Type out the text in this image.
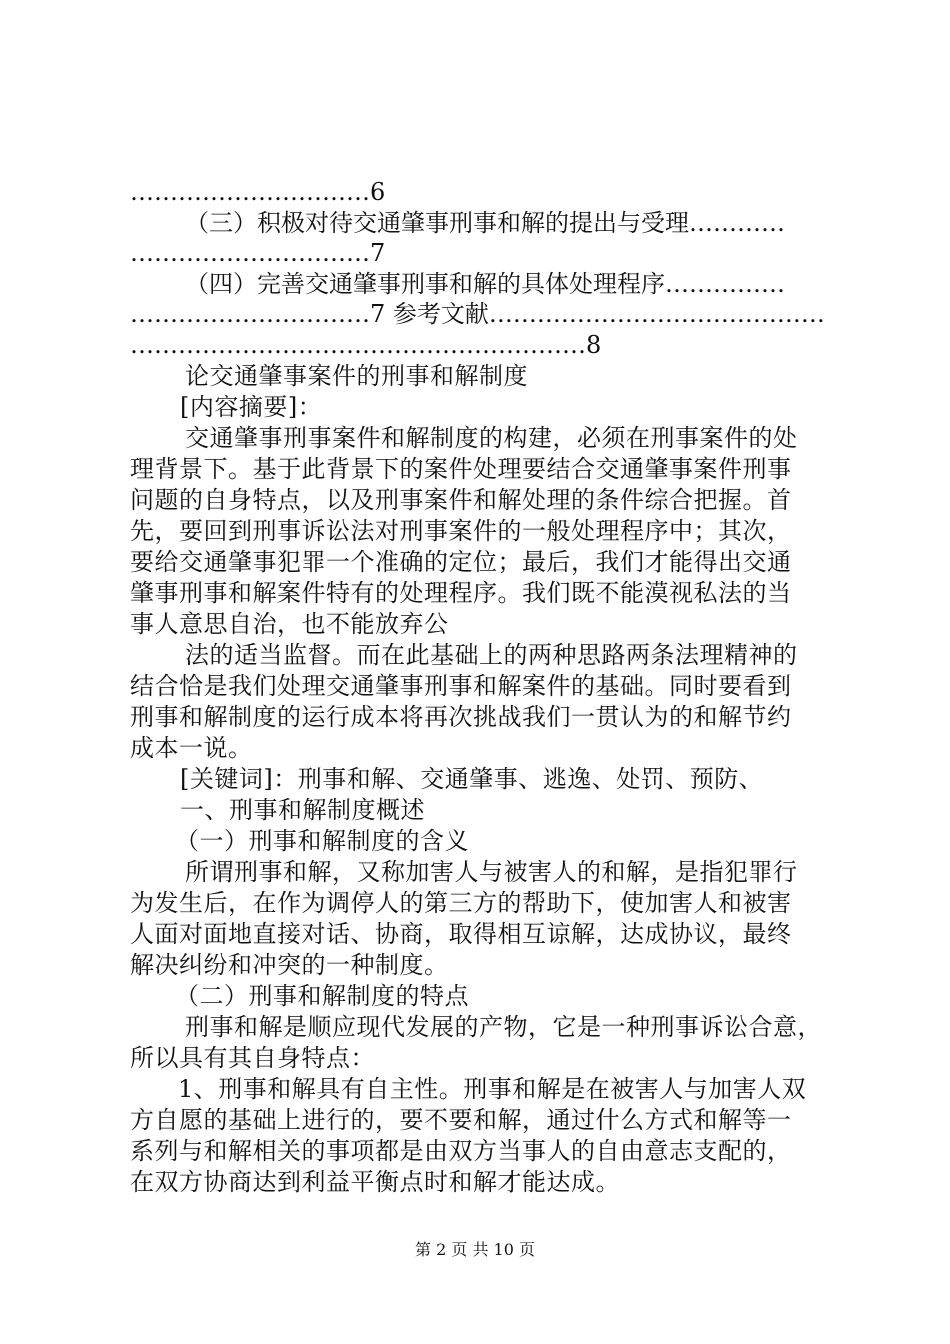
…………………………6
（三）积极对待交通肇事刑事和解的提出与受理…………
…………………………7
（四）完善交通肇事刑事和解的具体处理程序……………
…………………………7 参考文献……………………………………
…………………………………………………8
论交通肇事案件的刑事和解制度
[内容摘要]：
交通肇事刑事案件和解制度的构建，必须在刑事案件的处
理背景下。基于此背景下的案件处理要结合交通肇事案件刑事
问题的自身特点，以及刑事案件和解处理的条件综合把握。首
先，要回到刑事诉讼法对刑事案件的一般处理程序中；其次，
要给交通肇事犯罪一个准确的定位；最后，我们才能得出交通
肇事刑事和解案件特有的处理程序。我们既不能漠视私法的当
事人意思自治，也不能放弃公
法的适当监督。而在此基础上的两种思路两条法理精神的
结合恰是我们处理交通肇事刑事和解案件的基础。同时要看到
刑事和解制度的运行成本将再次挑战我们一贯认为的和解节约
成本一说。
[关键词]：刑事和解、交通肇事、逃逸、处罚、预防、
一、刑事和解制度概述
（一）刑事和解制度的含义
所谓刑事和解，又称加害人与被害人的和解，是指犯罪行
为发生后，在作为调停人的第三方的帮助下，使加害人和被害
人面对面地直接对话、协商，取得相互谅解，达成协议，最终
解决纠纷和冲突的一种制度。
（二）刑事和解制度的特点
刑事和解是顺应现代发展的产物，它是一种刑事诉讼合意，
所以具有其自身特点：
1、刑事和解具有自主性。刑事和解是在被害人与加害人双
方自愿的基础上进行的，要不要和解，通过什么方式和解等一
系列与和解相关的事项都是由双方当事人的自由意志支配的，
在双方协商达到利益平衡点时和解才能达成。
第 2 页 共 10 页
